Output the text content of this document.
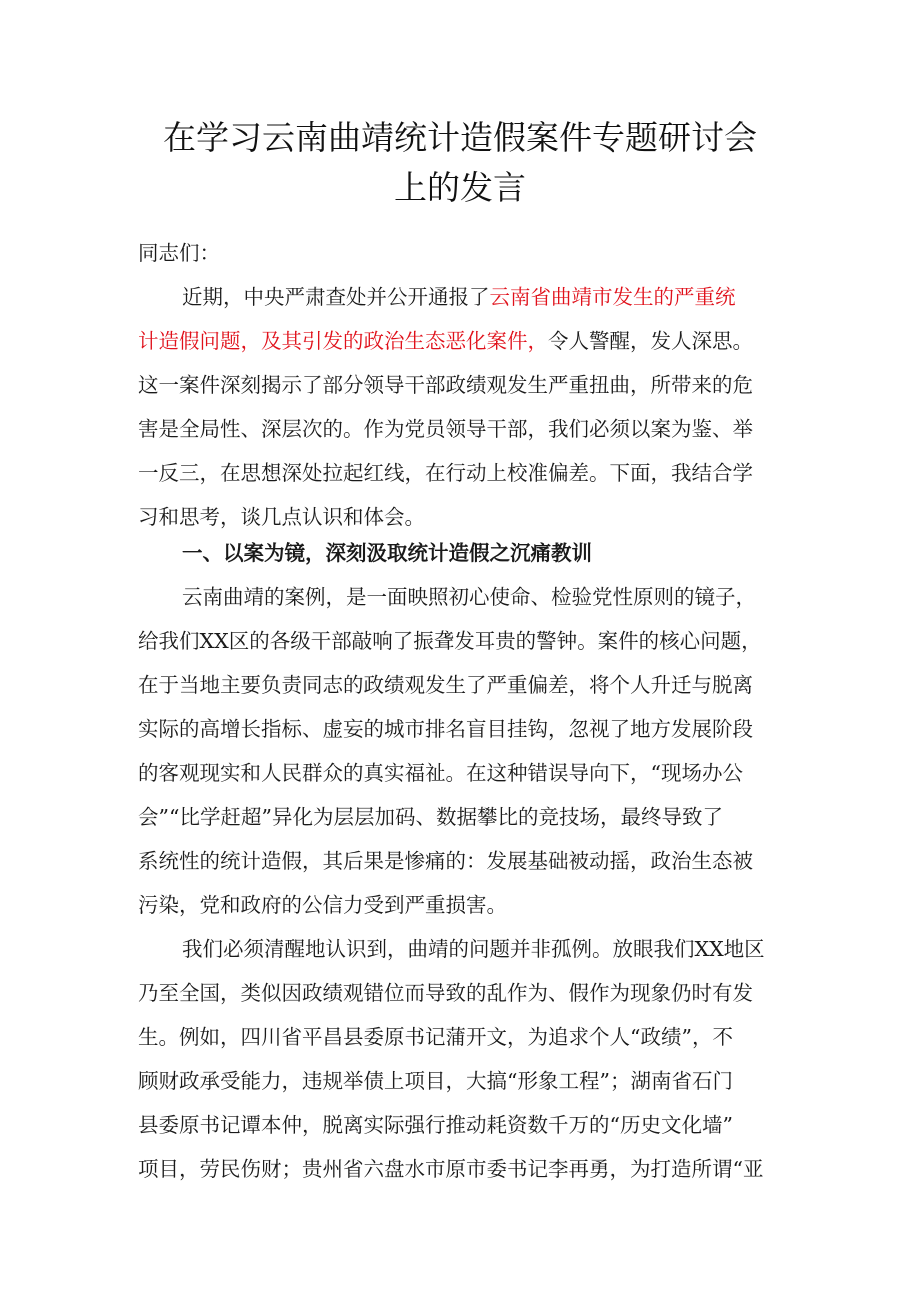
在学习云南曲靖统计造假案件专题研讨会
上的发言
同志们：
近期，中央严肃查处并公开通报了云南省曲靖市发生的严重统
计造假问题，及其引发的政治生态恶化案件，令人警醒，发人深思。
这一案件深刻揭示了部分领导干部政绩观发生严重扭曲，所带来的危
害是全局性、深层次的。作为党员领导干部，我们必须以案为鉴、举
一反三，在思想深处拉起红线，在行动上校准偏差。下面，我结合学
习和思考，谈几点认识和体会。
一、以案为镜，深刻汲取统计造假之沉痛教训
云南曲靖的案例，是一面映照初心使命、检验党性原则的镜子，
给我们XX区的各级干部敲响了振聋发耳贵的警钟。案件的核心问题，
在于当地主要负责同志的政绩观发生了严重偏差，将个人升迁与脱离
实际的高增长指标、虚妄的城市排名盲目挂钩，忽视了地方发展阶段
的客观现实和人民群众的真实福祉。在这种错误导向下，“现场办公
会”“比学赶超”异化为层层加码、数据攀比的竞技场，最终导致了
系统性的统计造假，其后果是惨痛的：发展基础被动摇，政治生态被
污染，党和政府的公信力受到严重损害。
我们必须清醒地认识到，曲靖的问题并非孤例。放眼我们XX地区
乃至全国，类似因政绩观错位而导致的乱作为、假作为现象仍时有发
生。例如，四川省平昌县委原书记蒲开文，为追求个人“政绩”，不
顾财政承受能力，违规举债上项目，大搞“形象工程”；湖南省石门
县委原书记谭本仲，脱离实际强行推动耗资数千万的“历史文化墙”
项目，劳民伤财；贵州省六盘水市原市委书记李再勇，为打造所谓“亚
